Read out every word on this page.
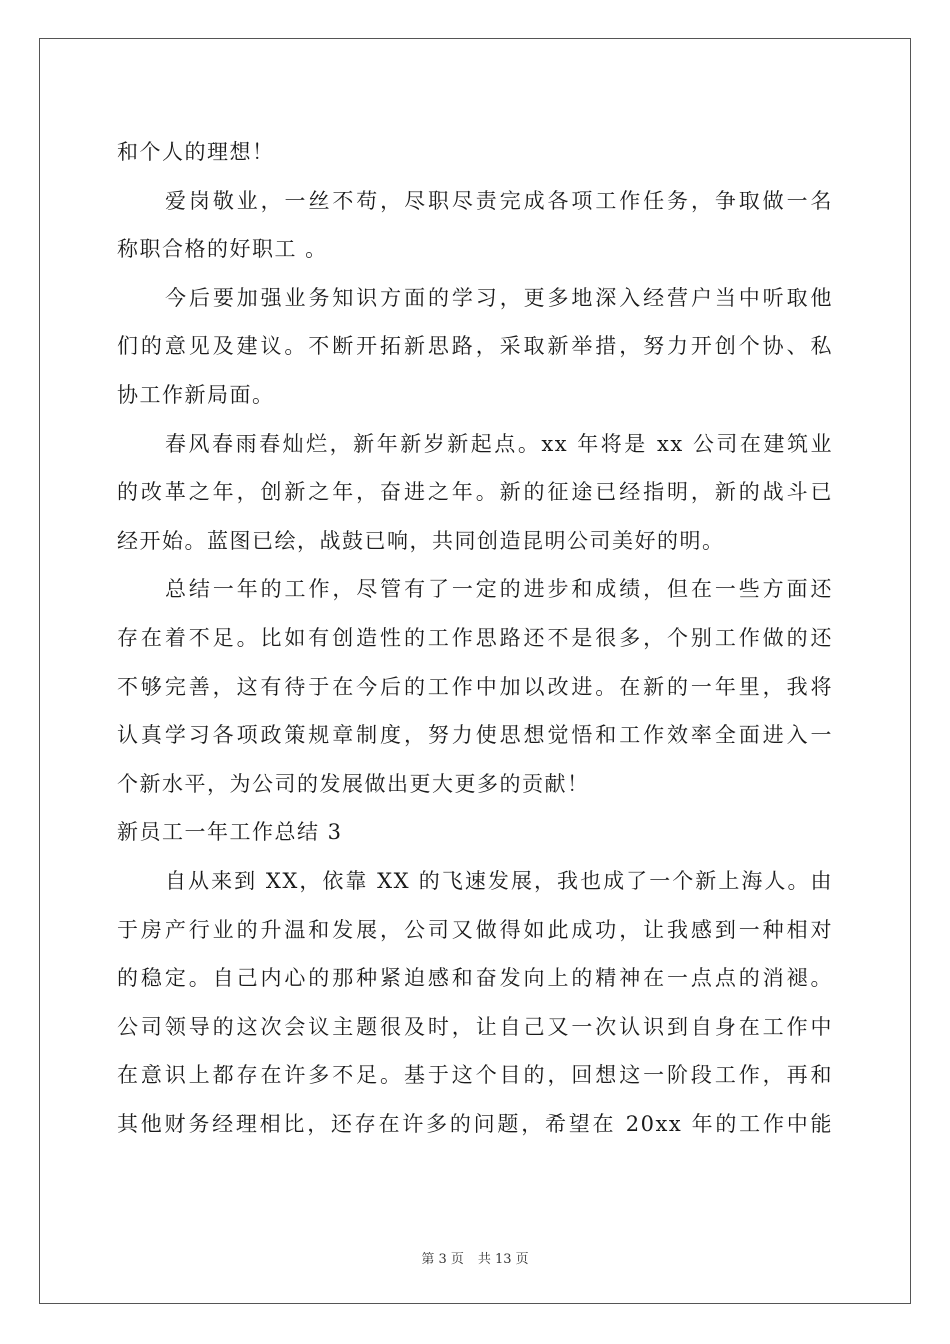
和个人的理想！
爱岗敬业，一丝不苟，尽职尽责完成各项工作任务，争取做一名
称职合格的好职工 。
今后要加强业务知识方面的学习，更多地深入经营户当中听取他
们的意见及建议。不断开拓新思路，采取新举措，努力开创个协、私
协工作新局面。
春风春雨春灿烂，新年新岁新起点。xx 年将是 xx 公司在建筑业
的改革之年，创新之年，奋进之年。新的征途已经指明，新的战斗已
经开始。蓝图已绘，战鼓已响，共同创造昆明公司美好的明。
总结一年的工作，尽管有了一定的进步和成绩，但在一些方面还
存在着不足。比如有创造性的工作思路还不是很多，个别工作做的还
不够完善，这有待于在今后的工作中加以改进。在新的一年里，我将
认真学习各项政策规章制度，努力使思想觉悟和工作效率全面进入一
个新水平，为公司的发展做出更大更多的贡献！
新员工一年工作总结 3
自从来到 XX，依靠 XX 的飞速发展，我也成了一个新上海人。由
于房产行业的升温和发展，公司又做得如此成功，让我感到一种相对
的稳定。自己内心的那种紧迫感和奋发向上的精神在一点点的消褪。
公司领导的这次会议主题很及时，让自己又一次认识到自身在工作中
在意识上都存在许多不足。基于这个目的，回想这一阶段工作，再和
其他财务经理相比，还存在许多的问题，希望在 20xx 年的工作中能
第 3 页 共 13 页
